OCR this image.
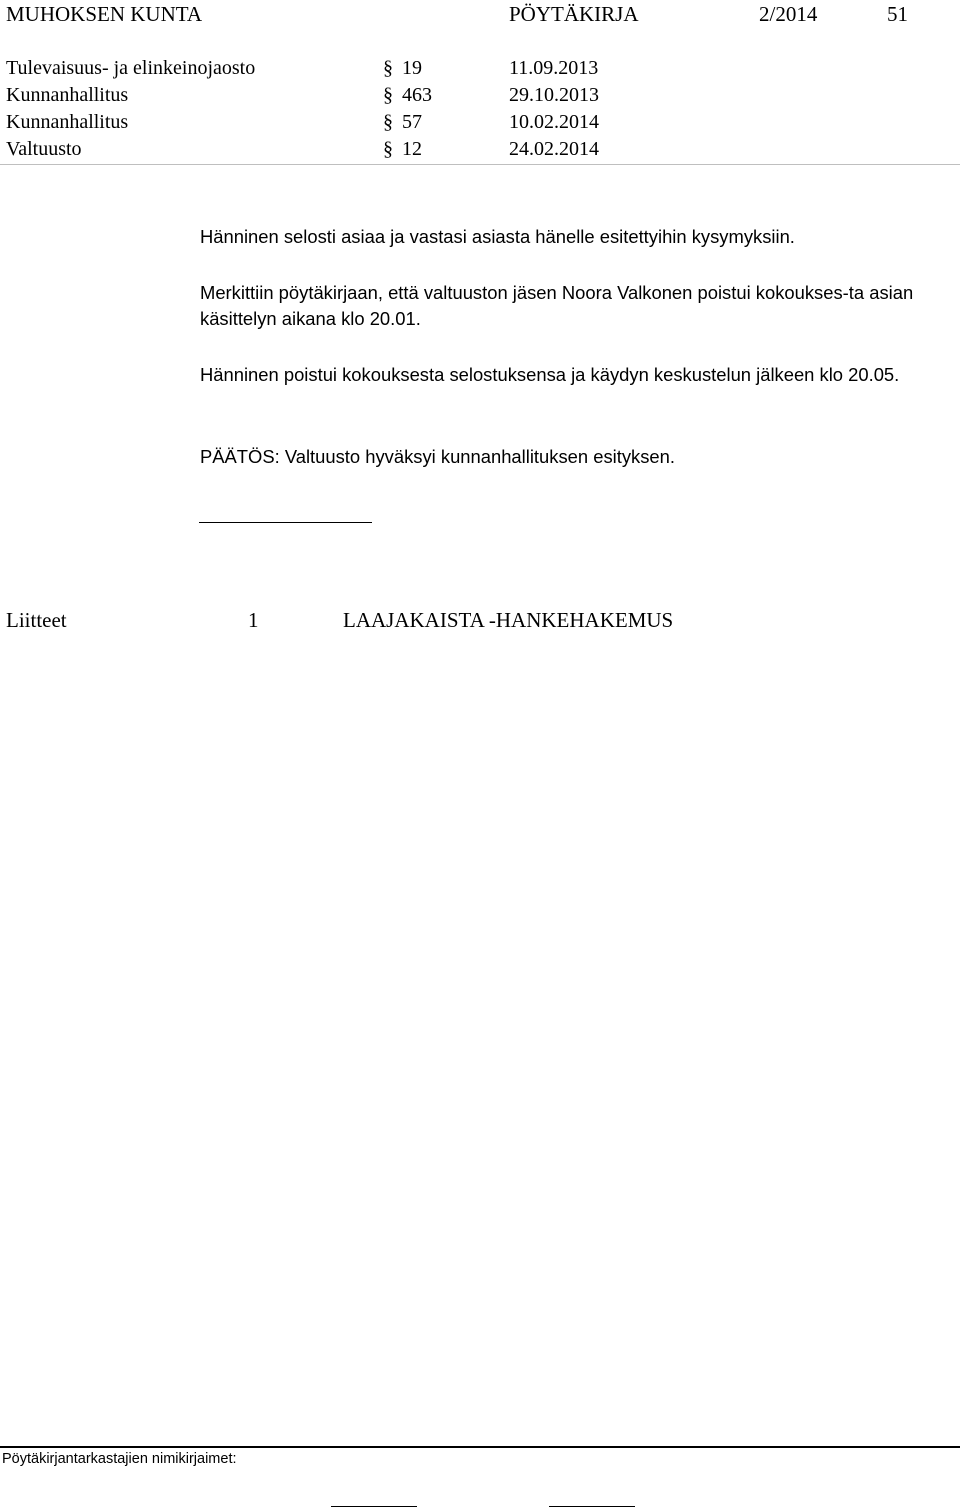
MUHOKSEN KUNTA	PÖYTÄKIRJA	2/2014	51
Tulevaisuus- ja elinkeinojaosto	§ 19	11.09.2013
Kunnanhallitus	§ 463	29.10.2013
Kunnanhallitus	§ 57	10.02.2014
Valtuusto	§ 12	24.02.2014

Hänninen selosti asiaa ja vastasi asiasta hänelle esitettyihin kysymyksiin.

Merkittiin pöytäkirjaan, että valtuuston jäsen Noora Valkonen poistui kokoukses-ta asian käsittelyn aikana klo 20.01.

Hänninen poistui kokouksesta selostuksensa ja käydyn keskustelun jälkeen klo 20.05.

PÄÄTÖS: Valtuusto hyväksyi kunnanhallituksen esityksen.

Liitteet	1	LAAJAKAISTA -HANKEHAKEMUS
Pöytäkirjantarkastajien nimikirjaimet:
